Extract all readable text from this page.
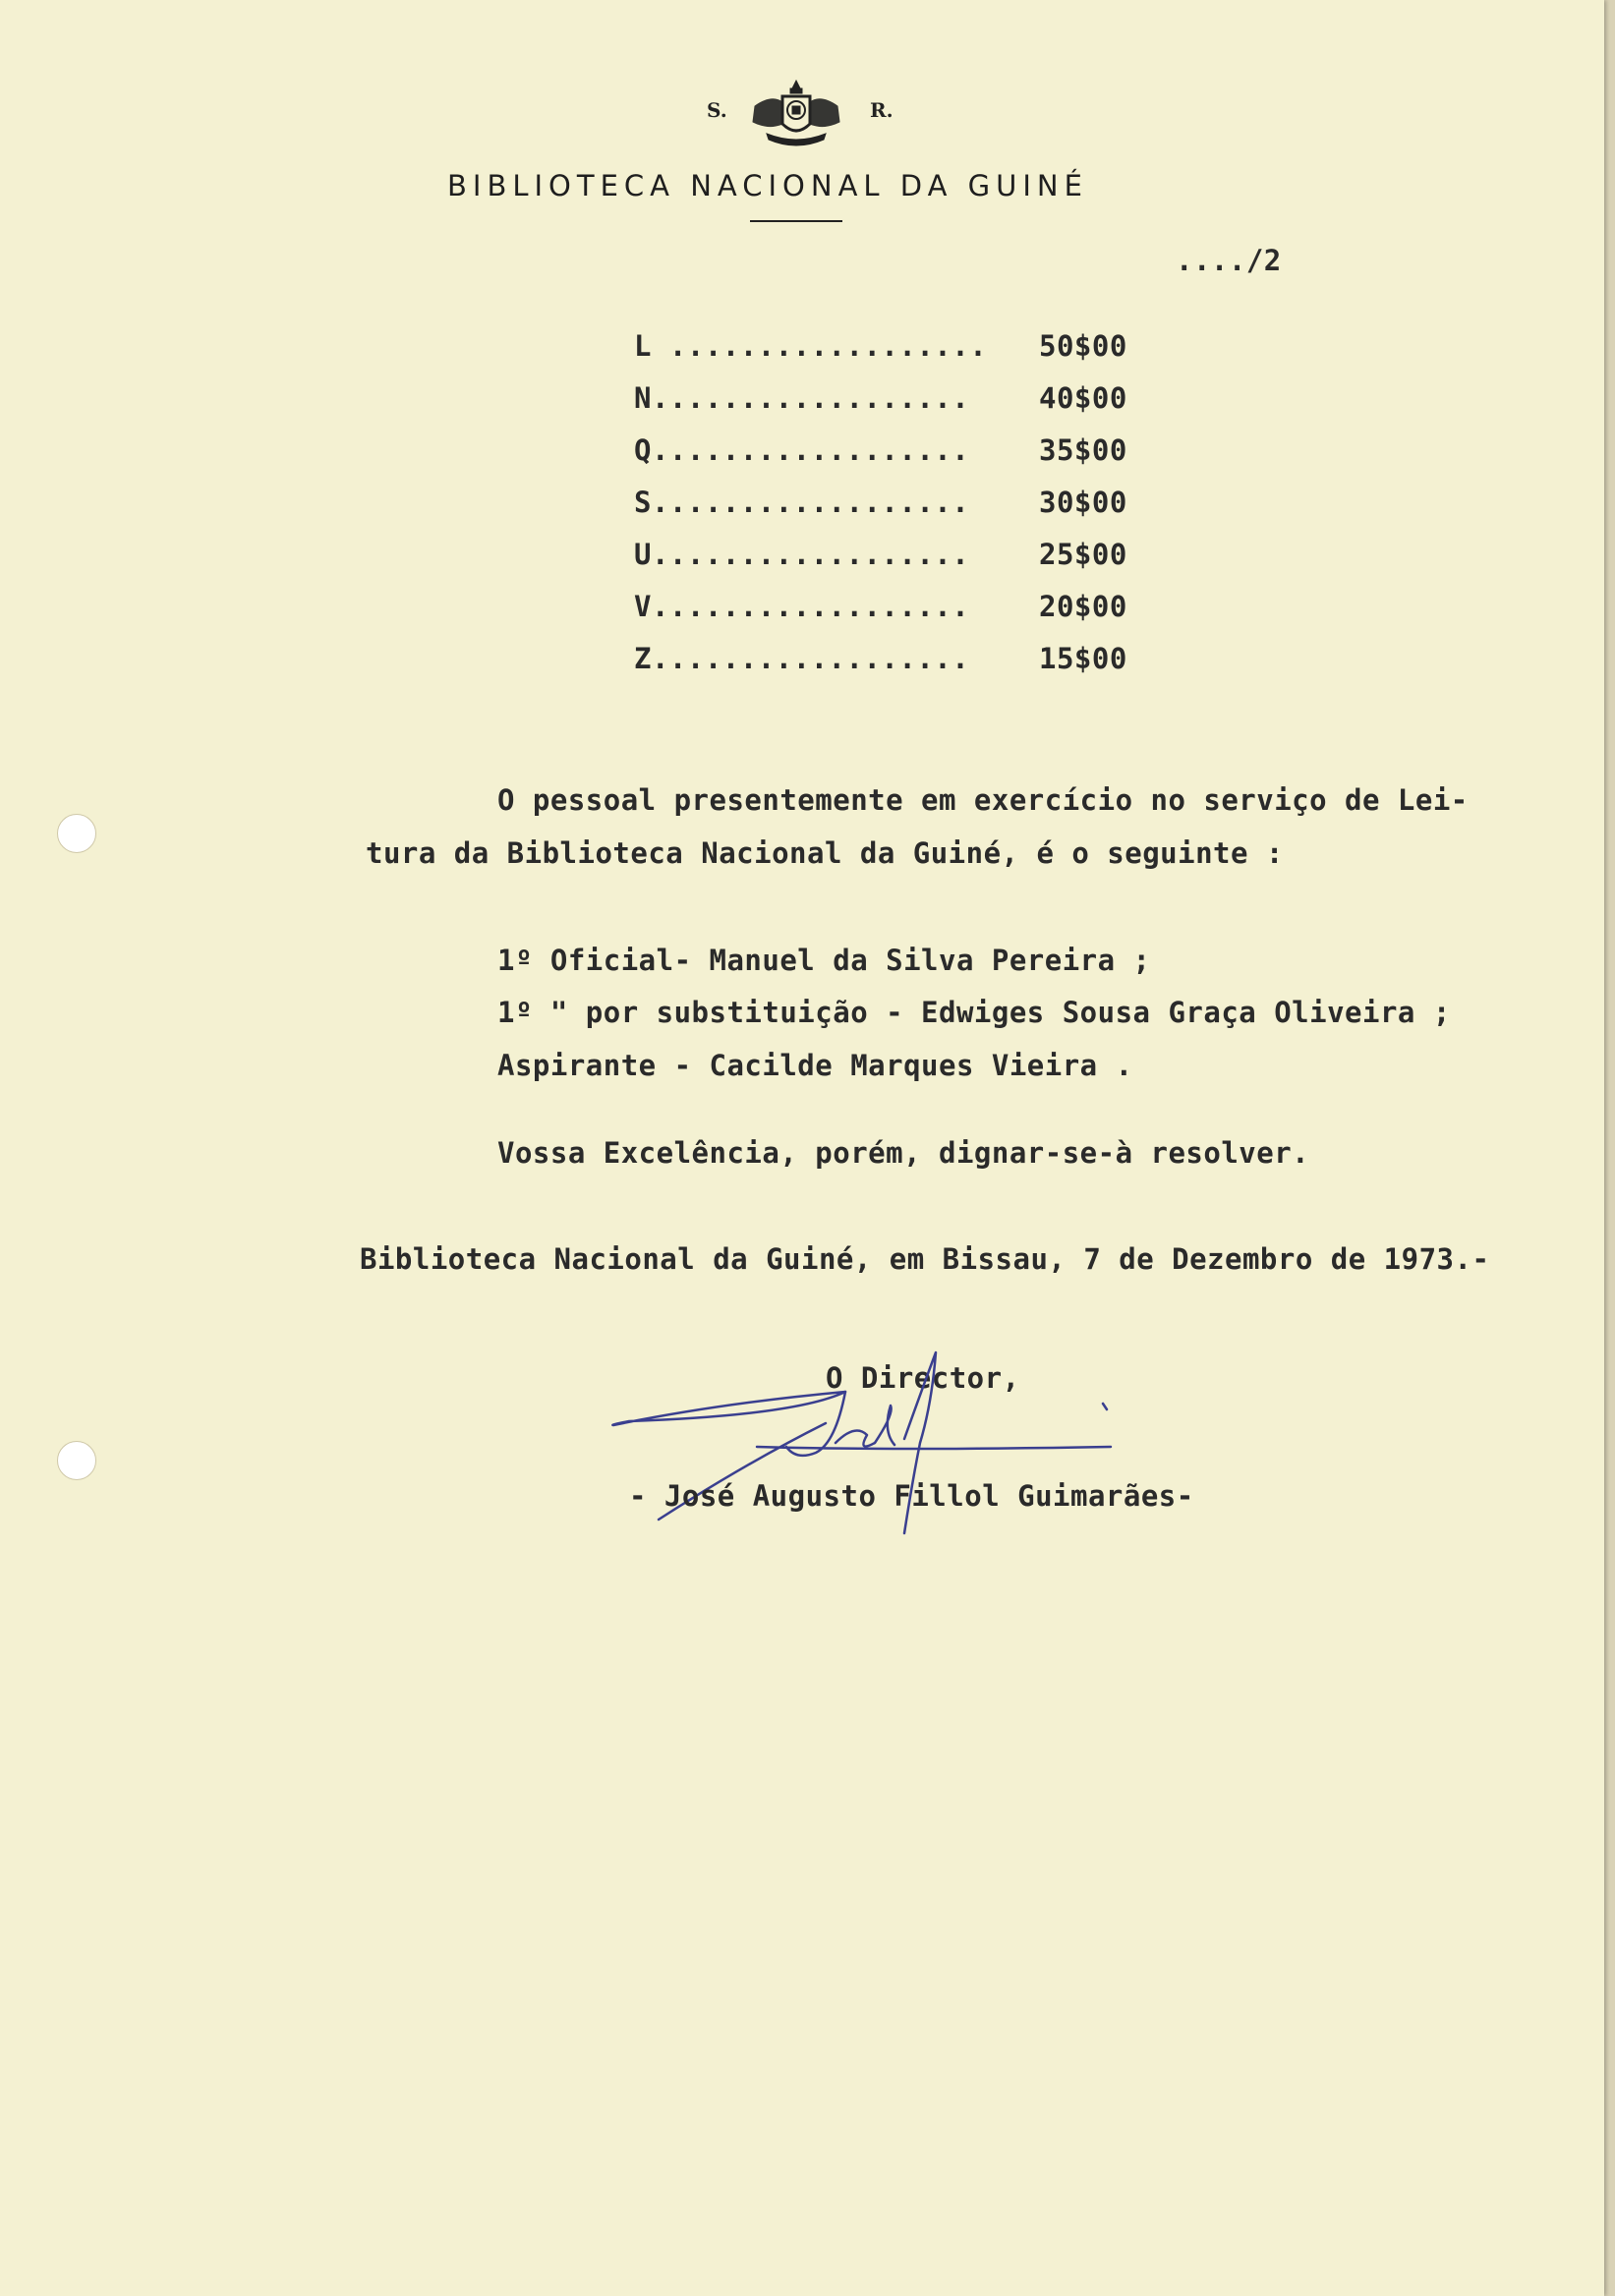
S.	R.
BIBLIOTECA NACIONAL DA GUINÉ
..../2
L .................. 50$00
N.................. 40$00
Q.................. 35$00
S.................. 30$00
U.................. 25$00
V.................. 20$00
Z.................. 15$00
O pessoal presentemente em exercício no serviço de Lei-
tura da Biblioteca Nacional da Guiné, é o seguinte :
1º Oficial- Manuel da Silva Pereira ;
1º " por substituição - Edwiges Sousa Graça Oliveira ;
Aspirante - Cacilde Marques Vieira .
Vossa Excelência, porém, dignar-se-à resolver.
Biblioteca Nacional da Guiné, em Bissau, 7 de Dezembro de 1973.-
O Director,
- José Augusto Fillol Guimarães-
